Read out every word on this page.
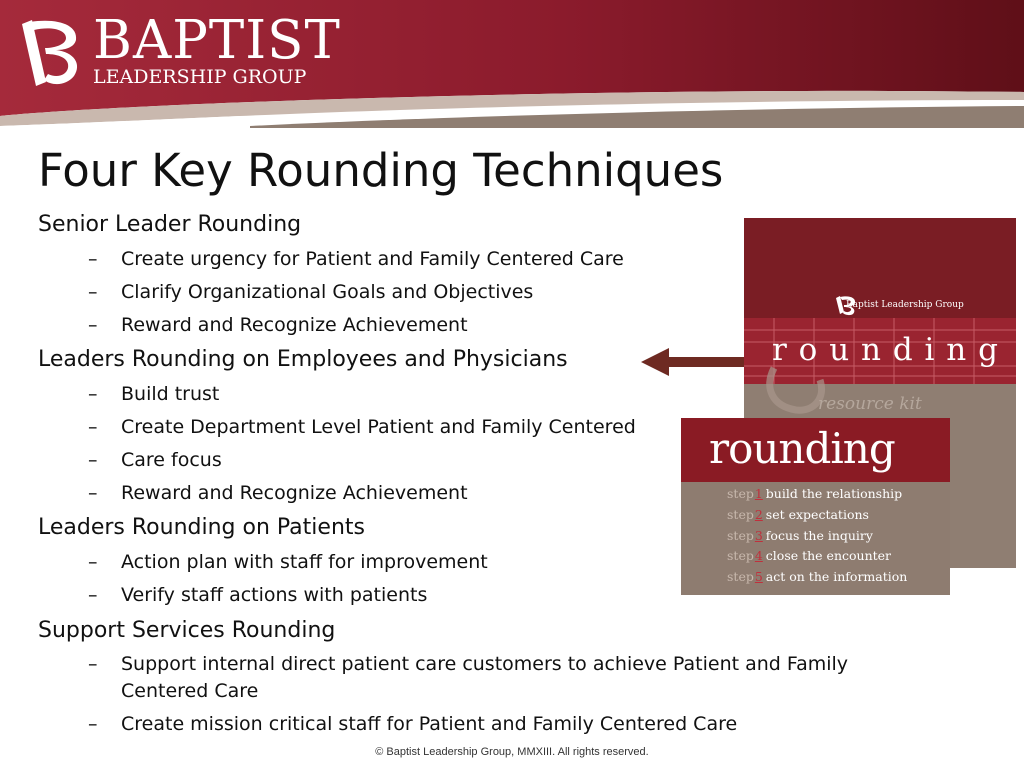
BAPTIST
LEADERSHIP GROUP
Four Key Rounding Techniques
Senior Leader Rounding
– Create urgency for Patient and Family Centered Care
– Clarify Organizational Goals and Objectives
– Reward and Recognize Achievement
Leaders Rounding on Employees and Physicians
– Build trust
– Create Department Level Patient and Family Centered
– Care focus
– Reward and Recognize Achievement
Leaders Rounding on Patients
– Action plan with staff for improvement
– Verify staff actions with patients
Support Services Rounding
– Support internal direct patient care customers to achieve Patient and Family Centered Care
– Create mission critical staff for Patient and Family Centered Care
Baptist Leadership Group
r o u n d i n g
resource kit
rounding
step1 build the relationship
step2 set expectations
step3 focus the inquiry
step4 close the encounter
step5 act on the information
© Baptist Leadership Group, MMXIII. All rights reserved.
